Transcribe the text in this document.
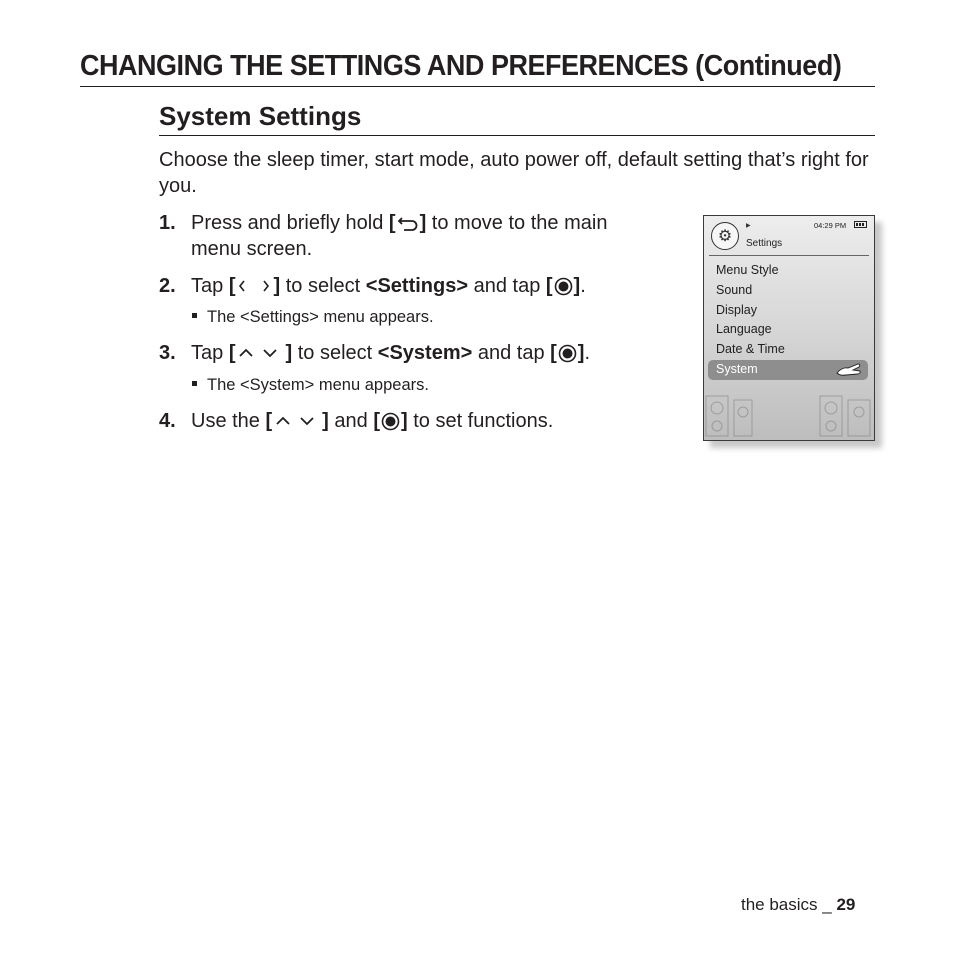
CHANGING THE SETTINGS AND PREFERENCES (Continued)
System Settings

Choose the sleep timer, start mode, auto power off, default setting that’s right for you.

1. Press and briefly hold [ ] to move to the main
menu screen.
2. Tap [ ] to select <Settings> and tap [ ] .
The <Settings> menu appears.
3. Tap [	] to select <System> and tap [ ] .
The <System> menu appears.
4. Use the [	] and [ ] to set functions.
⚙
▶	04:29 PM
Settings
Menu Style
Sound
Display
Language
Date & Time
System
the basics _ 29
